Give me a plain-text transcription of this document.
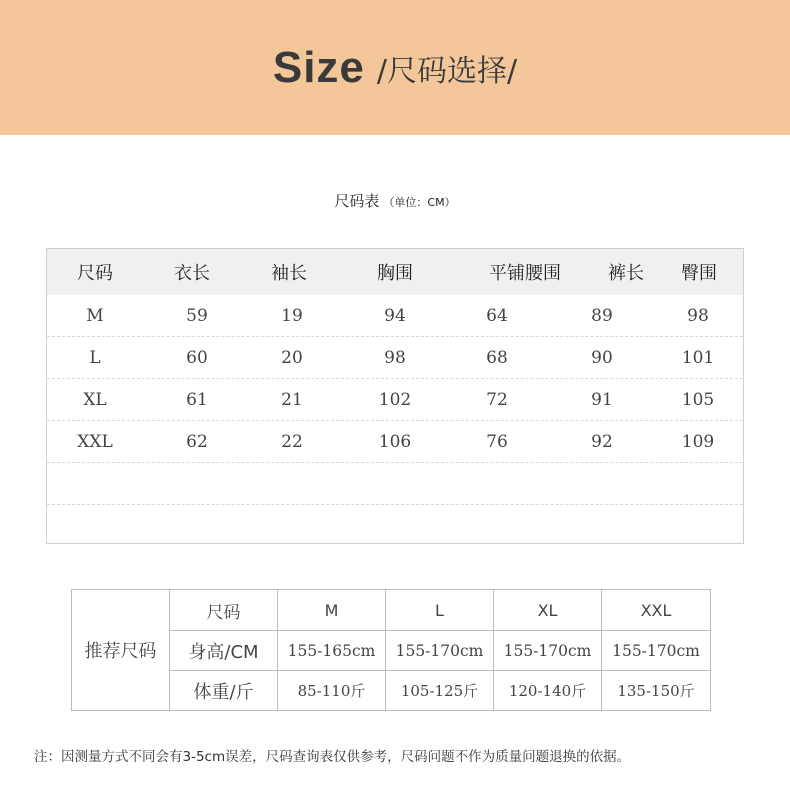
Size /尺码选择/
尺码表 （单位：CM）
尺码	衣长	袖长	胸围	平铺腰围	裤长	臀围
M	59	19	94	64	89	98
L	60	20	98	68	90	101
XL	61	21	102	72	91	105
XXL	62	22	106	76	92	109
推荐尺码
尺码	M	L	XL	XXL
身高/CM	155-165cm	155-170cm	155-170cm	155-170cm
体重/斤	85-110斤	105-125斤	120-140斤	135-150斤
注：因测量方式不同会有3-5cm误差，尺码查询表仅供参考，尺码问题不作为质量问题退换的依据。
